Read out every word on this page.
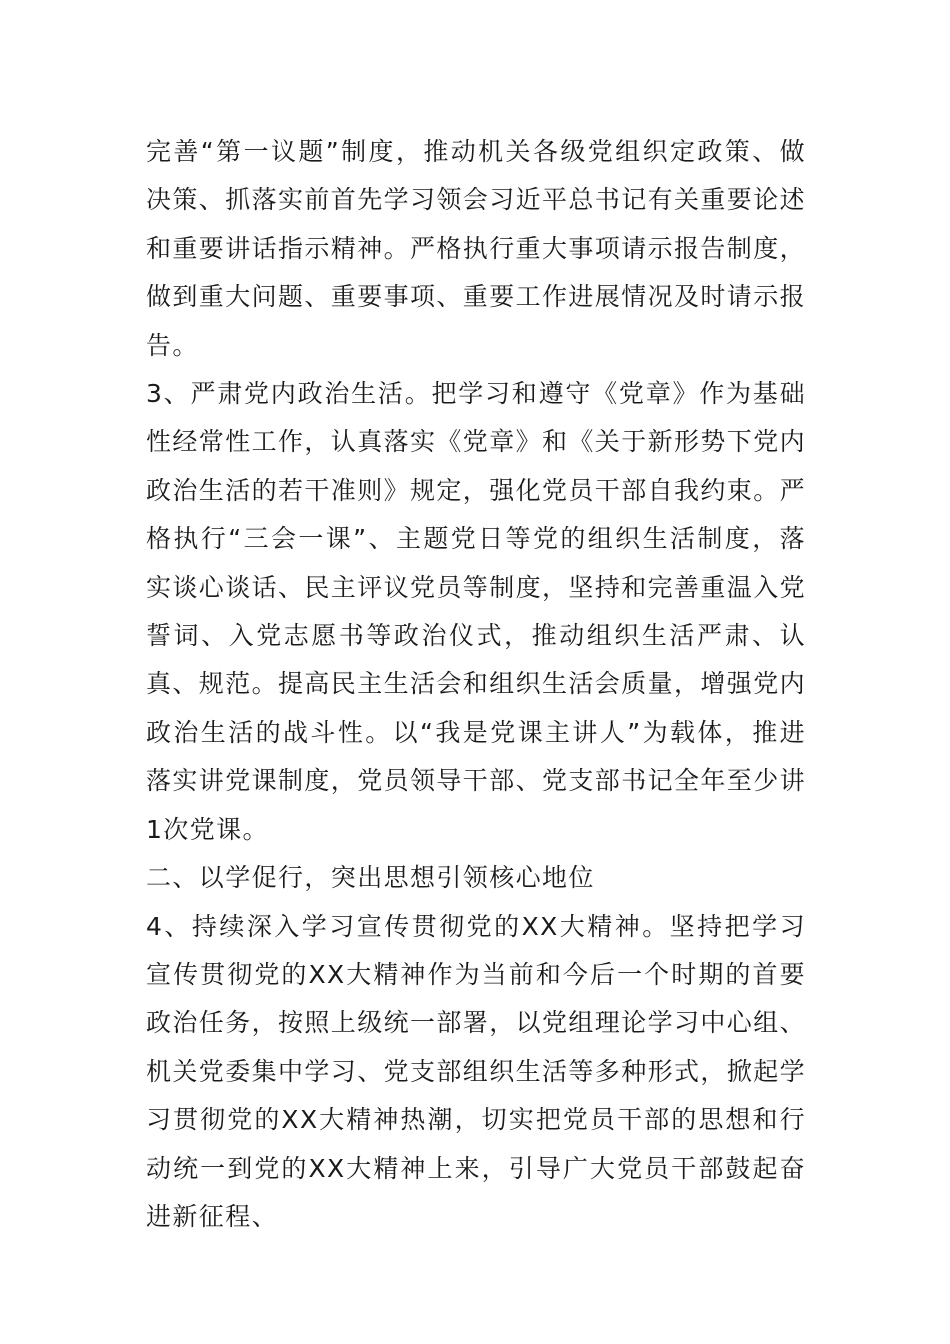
完善“第一议题”制度，推动机关各级党组织定政策、做决策、抓落实前首先学习领会习近平总书记有关重要论述和重要讲话指示精神。严格执行重大事项请示报告制度，做到重大问题、重要事项、重要工作进展情况及时请示报告。

3、严肃党内政治生活。把学习和遵守《党章》作为基础性经常性工作，认真落实《党章》和《关于新形势下党内政治生活的若干准则》规定，强化党员干部自我约束。严格执行“三会一课”、主题党日等党的组织生活制度，落实谈心谈话、民主评议党员等制度，坚持和完善重温入党誓词、入党志愿书等政治仪式，推动组织生活严肃、认真、规范。提高民主生活会和组织生活会质量，增强党内政治生活的战斗性。以“我是党课主讲人”为载体，推进落实讲党课制度，党员领导干部、党支部书记全年至少讲1次党课。

二、以学促行，突出思想引领核心地位

4、持续深入学习宣传贯彻党的XX大精神。坚持把学习宣传贯彻党的XX大精神作为当前和今后一个时期的首要政治任务，按照上级统一部署，以党组理论学习中心组、机关党委集中学习、党支部组织生活等多种形式，掀起学习贯彻党的XX大精神热潮，切实把党员干部的思想和行动统一到党的XX大精神上来，引导广大党员干部鼓起奋进新征程、
